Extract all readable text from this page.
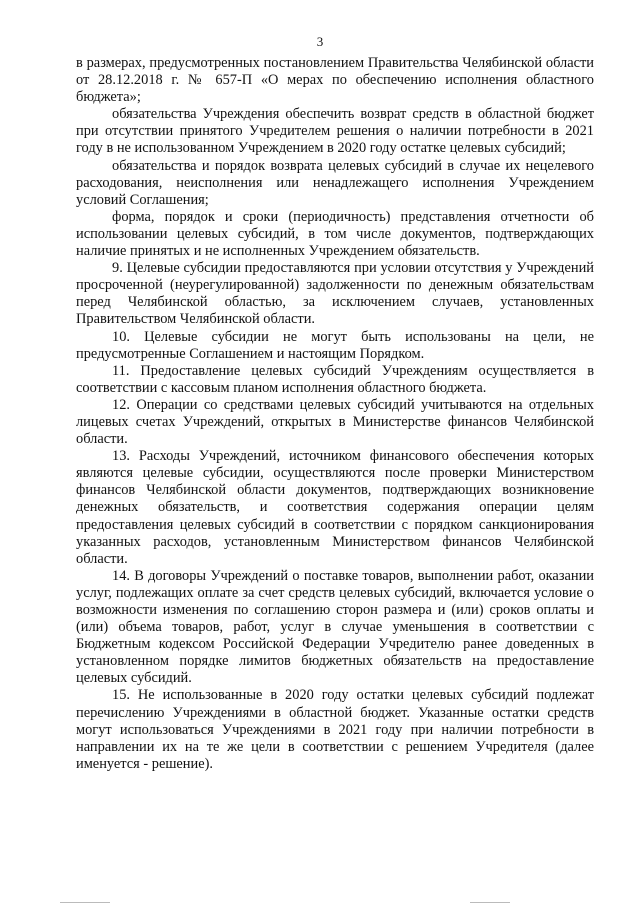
3

в размерах, предусмотренных постановлением Правительства Челябинской области от 28.12.2018 г. № 657-П «О мерах по обеспечению исполнения областного бюджета»;

обязательства Учреждения обеспечить возврат средств в областной бюджет при отсутствии принятого Учредителем решения о наличии потребности в 2021 году в не использованном Учреждением в 2020 году остатке целевых субсидий;

обязательства и порядок возврата целевых субсидий в случае их нецелевого расходования, неисполнения или ненадлежащего исполнения Учреждением условий Соглашения;

форма, порядок и сроки (периодичность) представления отчетности об использовании целевых субсидий, в том числе документов, подтверждающих наличие принятых и не исполненных Учреждением обязательств.

9. Целевые субсидии предоставляются при условии отсутствия у Учреждений просроченной (неурегулированной) задолженности по денежным обязательствам перед Челябинской областью, за исключением случаев, установленных Правительством Челябинской области.

10. Целевые субсидии не могут быть использованы на цели, не предусмотренные Соглашением и настоящим Порядком.

11. Предоставление целевых субсидий Учреждениям осуществляется в соответствии с кассовым планом исполнения областного бюджета.

12. Операции со средствами целевых субсидий учитываются на отдельных лицевых счетах Учреждений, открытых в Министерстве финансов Челябинской области.

13. Расходы Учреждений, источником финансового обеспечения которых являются целевые субсидии, осуществляются после проверки Министерством финансов Челябинской области документов, подтверждающих возникновение денежных обязательств, и соответствия содержания операции целям предоставления целевых субсидий в соответствии с порядком санкционирования указанных расходов, установленным Министерством финансов Челябинской области.

14. В договоры Учреждений о поставке товаров, выполнении работ, оказании услуг, подлежащих оплате за счет средств целевых субсидий, включается условие о возможности изменения по соглашению сторон размера и (или) сроков оплаты и (или) объема товаров, работ, услуг в случае уменьшения в соответствии с Бюджетным кодексом Российской Федерации Учредителю ранее доведенных в установленном порядке лимитов бюджетных обязательств на предоставление целевых субсидий.

15. Не использованные в 2020 году остатки целевых субсидий подлежат перечислению Учреждениями в областной бюджет. Указанные остатки средств могут использоваться Учреждениями в 2021 году при наличии потребности в направлении их на те же цели в соответствии с решением Учредителя (далее именуется - решение).
